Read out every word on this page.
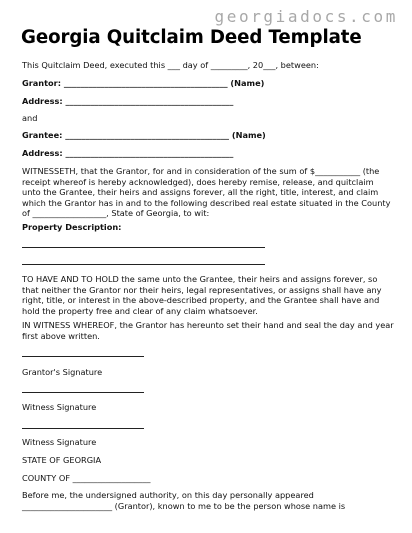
georgiadocs.com
Georgia Quitclaim Deed Template
This Quitclaim Deed, executed this ___ day of _________, 20___, between:
Grantor: ________________________________________ (Name)
Address: _________________________________________
and
Grantee: ________________________________________ (Name)
Address: _________________________________________
WITNESSETH, that the Grantor, for and in consideration of the sum of $___________ (the receipt whereof is hereby acknowledged), does hereby remise, release, and quitclaim unto the Grantee, their heirs and assigns forever, all the right, title, interest, and claim which the Grantor has in and to the following described real estate situated in the County of __________________, State of Georgia, to wit:
Property Description:
TO HAVE AND TO HOLD the same unto the Grantee, their heirs and assigns forever, so that neither the Grantor nor their heirs, legal representatives, or assigns shall have any right, title, or interest in the above-described property, and the Grantee shall have and hold the property free and clear of any claim whatsoever.
IN WITNESS WHEREOF, the Grantor has hereunto set their hand and seal the day and year first above written.
Grantor's Signature
Witness Signature
Witness Signature
STATE OF GEORGIA
COUNTY OF ___________________
Before me, the undersigned authority, on this day personally appeared ______________________ (Grantor), known to me to be the person whose name is
